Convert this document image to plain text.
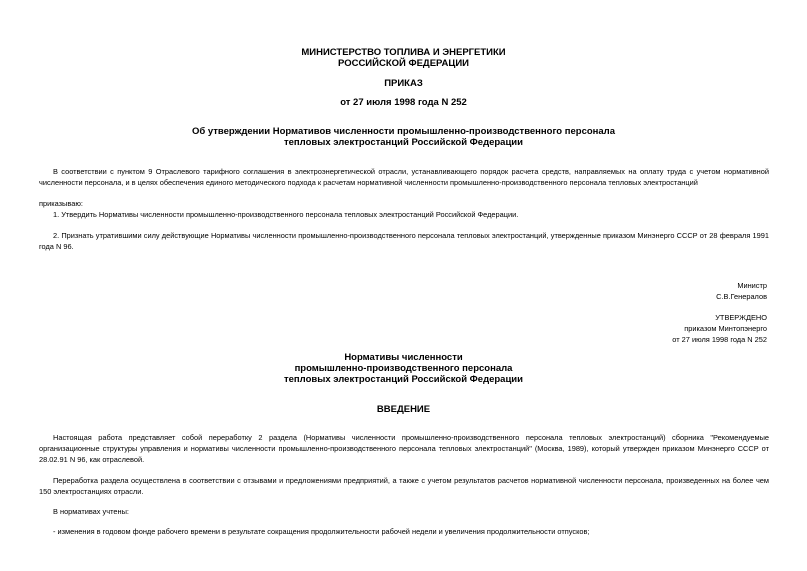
МИНИСТЕРСТВО ТОПЛИВА И ЭНЕРГЕТИКИ
РОССИЙСКОЙ ФЕДЕРАЦИИ
ПРИКАЗ
от 27 июля 1998 года N 252
Об утверждении Нормативов численности промышленно-производственного персонала
тепловых электростанций Российской Федерации
В соответствии с пунктом 9 Отраслевого тарифного соглашения в электроэнергетической отрасли, устанавливающего порядок расчета средств, направляемых на оплату труда с учетом нормативной численности персонала, и в целях обеспечения единого методического подхода к расчетам нормативной численности промышленно-производственного персонала тепловых электростанций
приказываю:
1. Утвердить Нормативы численности промышленно-производственного персонала тепловых электростанций Российской Федерации.
2. Признать утратившими силу действующие Нормативы численности промышленно-производственного персонала тепловых электростанций, утвержденные приказом Минэнерго СССР от 28 февраля 1991 года N 96.
Министр
С.В.Генералов
УТВЕРЖДЕНО
приказом Минтопэнерго
от 27 июля 1998 года N 252
Нормативы численности
промышленно-производственного персонала
тепловых электростанций Российской Федерации
ВВЕДЕНИЕ
Настоящая работа представляет собой переработку 2 раздела (Нормативы численности промышленно-производственного персонала тепловых электростанций) сборника "Рекомендуемые организационные структуры управления и нормативы численности промышленно-производственного персонала тепловых электростанций" (Москва, 1989), который утвержден приказом Минэнерго СССР от 28.02.91 N 96, как отраслевой.
Переработка раздела осуществлена в соответствии с отзывами и предложениями предприятий, а также с учетом результатов расчетов нормативной численности персонала, произведенных на более чем 150 электростанциях отрасли.
В нормативах учтены:
- изменения в годовом фонде рабочего времени в результате сокращения продолжительности рабочей недели и увеличения продолжительности отпусков;
